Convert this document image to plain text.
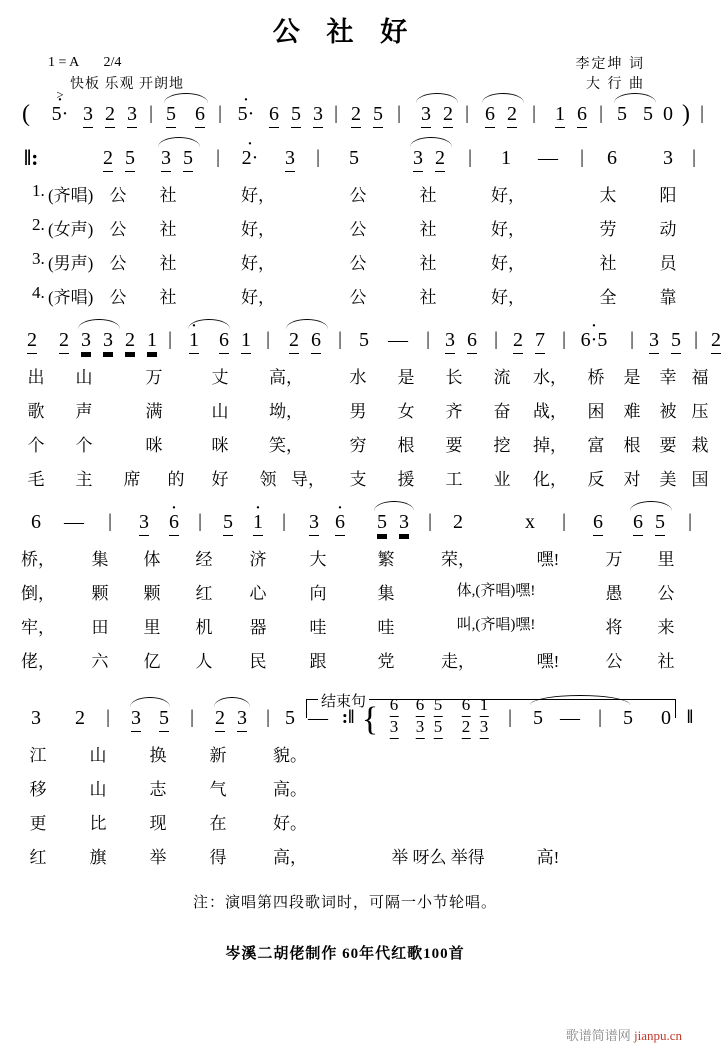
公 社 好
1 = A 2/4
快板 乐观 开朗地
李定坤 词
大 行 曲
( · 5· 3 2 3 | 5 6 | · 5· 6 5 3 | 2 5 | 3 2 | 6 2 | 1 6 | 5 5 0 ) |
>
‖:	2 5 3 5 | · 2· 3 | 5	3 2 | 1 — | 6 3 |
1. (齐唱) 公 社	好，	公	社	好，	太	阳
2. (女声) 公 社	好，	公	社	好，	劳	动
3. (男声) 公 社	好，	公	社	好，	社	员
4. (齐唱) 公 社	好，	公	社	好，	全	靠
2 2 3 3 2 1 | · 1 6 1 | 2 6 | 5 — | 3 6 | 2 7 | · 6·5 | 3 5 | 2
出 山	万	丈 高，	水 是 长 流 水， 桥 是 幸 福
歌 声	满	山 坳，	男 女 齐 奋 战， 困 难 被 压
个 个	咪	咪 笑，	穷 根 要 挖 掉， 富 根 要 栽
毛 主 席 的 好 领 导， 支 援 工 业 化， 反 对 美 国
6 — | 3 · 6 | 5 · 1 | 3 · 6 5 3 | 2	x | 6 6 5 |
桥， 集 体 经 济	大	繁	荣，	嘿!	万 里
倒， 颗 颗 红 心	向	集	体,(齐唱)嘿!	愚 公
牢， 田 里 机 器	哇	哇	叫,(齐唱)嘿!	将 来
佬， 六 亿 人 民	跟	党	走，	嘿!	公 社
结束句
3 2 | 3 5 | 2 3 | 5 — :‖ { 6 6 5 6 1
3 3 5 2 3 | 5 — | 5 0 ‖
江	山	换	新	貌。
移	山	志	气	高。
更	比	现	在	好。
红	旗	举	得	高，	举 呀么 举得	高!
注：演唱第四段歌词时，可隔一小节轮唱。
岑溪二胡佬制作 60年代红歌100首
歌谱简谱网 jianpu.cn
